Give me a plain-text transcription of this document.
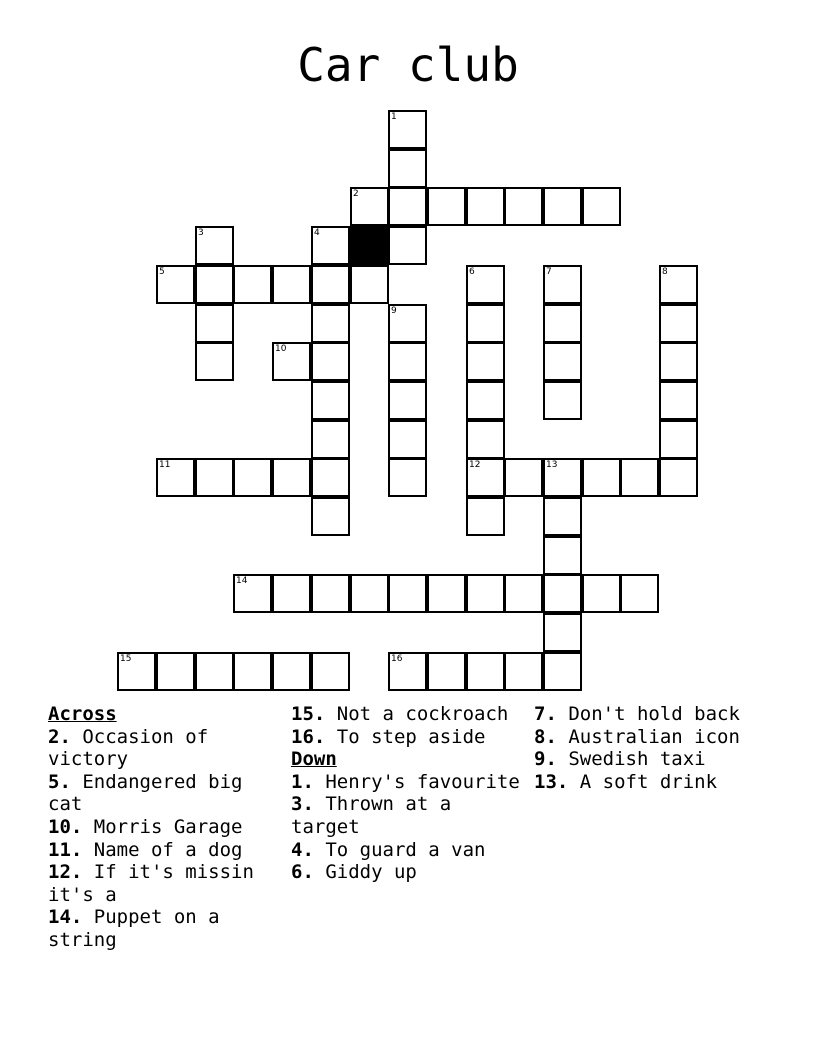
Car club
1
2
3	4
5	6	7	8
9
10
11	12	13
14
15	16
Across
2. Occasion of victory
5. Endangered big cat
10. Morris Garage
11. Name of a dog
12. If it's missin it's a
14. Puppet on a string
15. Not a cockroach
16. To step aside
Down
1. Henry's favourite
3. Thrown at a target
4. To guard a van
6. Giddy up
7. Don't hold back
8. Australian icon
9. Swedish taxi
13. A soft drink
